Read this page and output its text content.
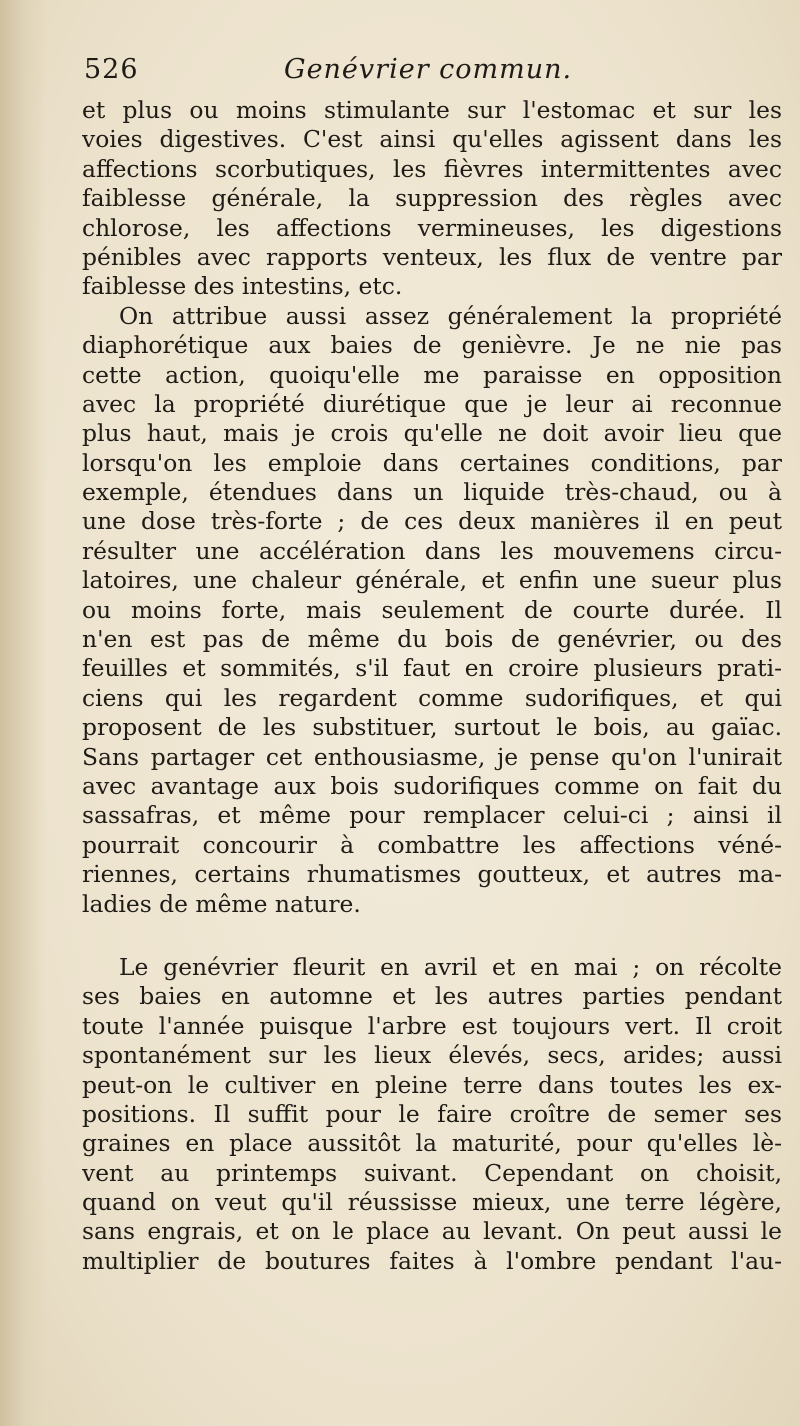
526	Genévrier commun.
et plus ou moins stimulante sur l'estomac et sur les
voies digestives. C'est ainsi qu'elles agissent dans les
affections scorbutiques, les fièvres intermittentes avec
faiblesse générale, la suppression des règles avec
chlorose, les affections vermineuses, les digestions
pénibles avec rapports venteux, les flux de ventre par
faiblesse des intestins, etc.
On attribue aussi assez généralement la propriété
diaphorétique aux baies de genièvre. Je ne nie pas
cette action, quoiqu'elle me paraisse en opposition
avec la propriété diurétique que je leur ai reconnue
plus haut, mais je crois qu'elle ne doit avoir lieu que
lorsqu'on les emploie dans certaines conditions, par
exemple, étendues dans un liquide très-chaud, ou à
une dose très-forte ; de ces deux manières il en peut
résulter une accélération dans les mouvemens circu-
latoires, une chaleur générale, et enfin une sueur plus
ou moins forte, mais seulement de courte durée. Il
n'en est pas de même du bois de genévrier, ou des
feuilles et sommités, s'il faut en croire plusieurs prati-
ciens qui les regardent comme sudorifiques, et qui
proposent de les substituer, surtout le bois, au gaïac.
Sans partager cet enthousiasme, je pense qu'on l'unirait
avec avantage aux bois sudorifiques comme on fait du
sassafras, et même pour remplacer celui-ci ; ainsi il
pourrait concourir à combattre les affections véné-
riennes, certains rhumatismes goutteux, et autres ma-
ladies de même nature.
Le genévrier fleurit en avril et en mai ; on récolte
ses baies en automne et les autres parties pendant
toute l'année puisque l'arbre est toujours vert. Il croit
spontanément sur les lieux élevés, secs, arides; aussi
peut-on le cultiver en pleine terre dans toutes les ex-
positions. Il suffit pour le faire croître de semer ses
graines en place aussitôt la maturité, pour qu'elles lè-
vent au printemps suivant. Cependant on choisit,
quand on veut qu'il réussisse mieux, une terre légère,
sans engrais, et on le place au levant. On peut aussi le
multiplier de boutures faites à l'ombre pendant l'au-
